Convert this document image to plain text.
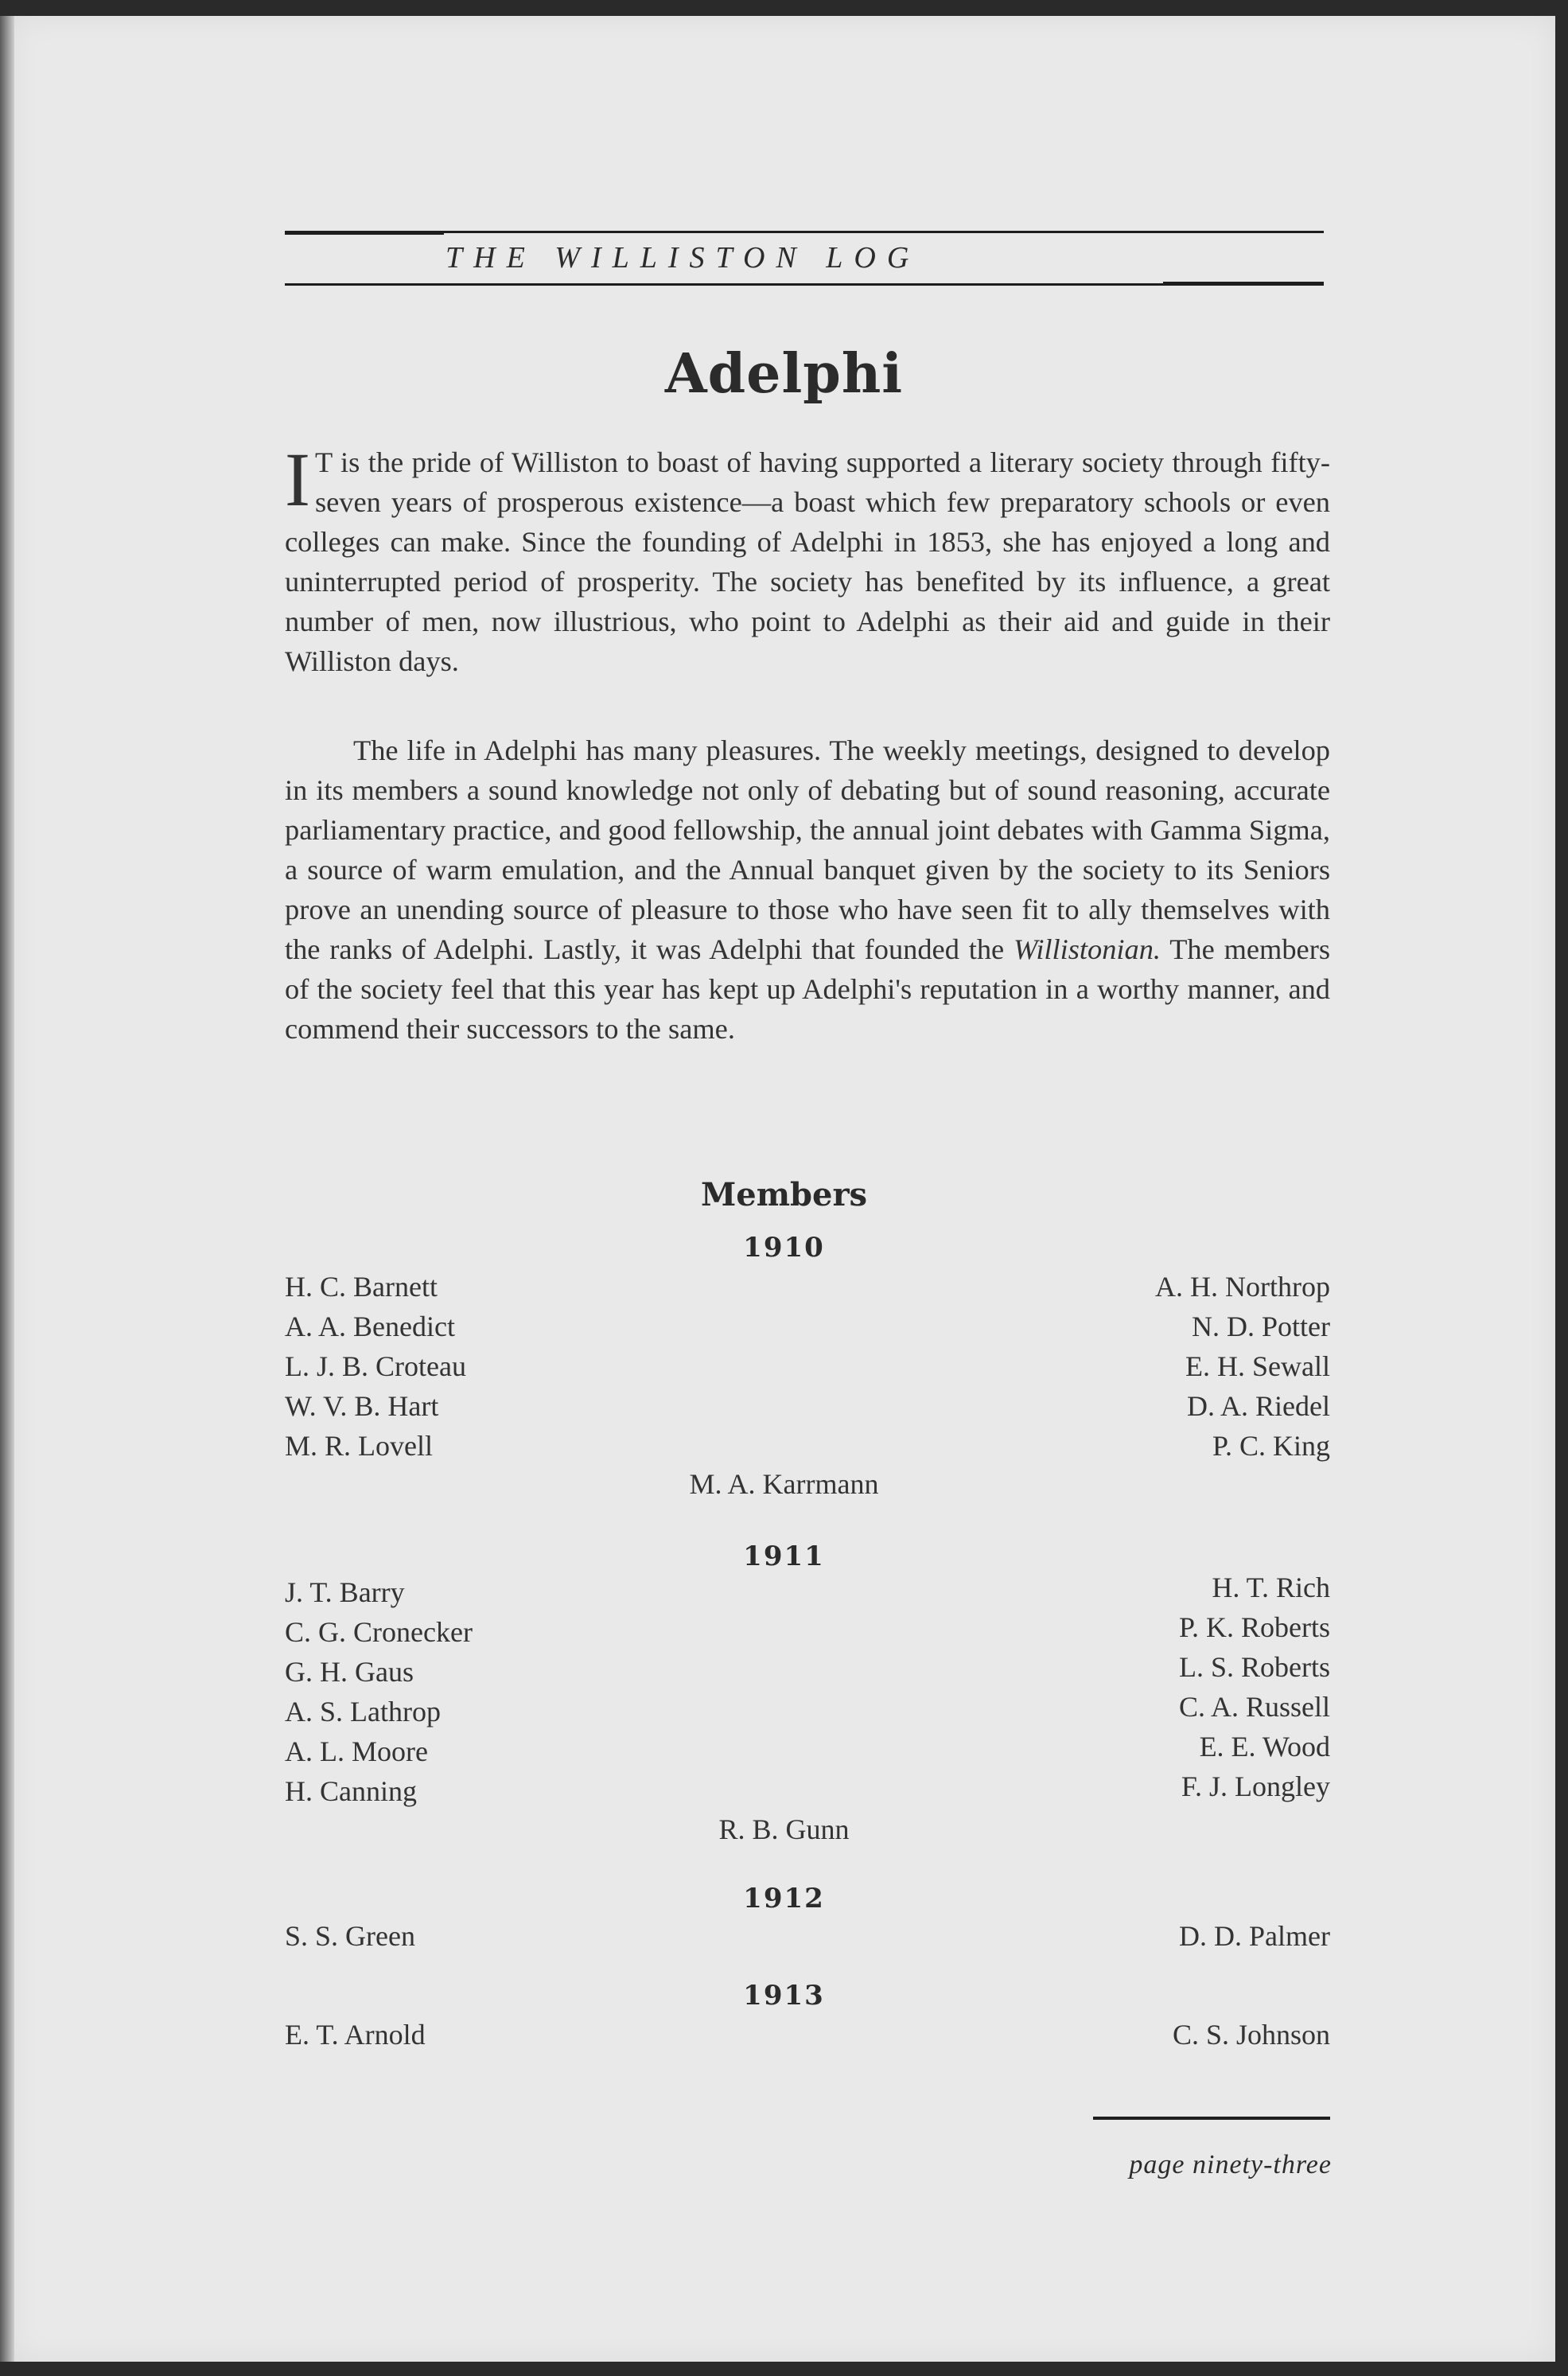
THE WILLISTON LOG
Adelphi
I T is the pride of Williston to boast of having supported a literary society through fifty-seven years of prosperous existence—a boast which few preparatory schools or even colleges can make. Since the founding of Adelphi in 1853, she has enjoyed a long and uninterrupted period of prosperity. The society has benefited by its influence, a great number of men, now illustrious, who point to Adelphi as their aid and guide in their Williston days.
The life in Adelphi has many pleasures. The weekly meetings, designed to develop in its members a sound knowledge not only of debating but of sound reasoning, accurate parliamentary practice, and good fellowship, the annual joint debates with Gamma Sigma, a source of warm emulation, and the Annual banquet given by the society to its Seniors prove an unending source of pleasure to those who have seen fit to ally themselves with the ranks of Adelphi. Lastly, it was Adelphi that founded the Willistonian. The members of the society feel that this year has kept up Adelphi's reputation in a worthy manner, and commend their successors to the same.
Members
1910
H. C. Barnett
A. A. Benedict
L. J. B. Croteau
W. V. B. Hart
M. R. Lovell
A. H. Northrop
N. D. Potter
E. H. Sewall
D. A. Riedel
P. C. King
M. A. Karrmann
1911
J. T. Barry
C. G. Cronecker
G. H. Gaus
A. S. Lathrop
A. L. Moore
H. Canning
H. T. Rich
P. K. Roberts
L. S. Roberts
C. A. Russell
E. E. Wood
F. J. Longley
R. B. Gunn
1912
S. S. Green	D. D. Palmer
1913
E. T. Arnold	C. S. Johnson
page ninety-three
